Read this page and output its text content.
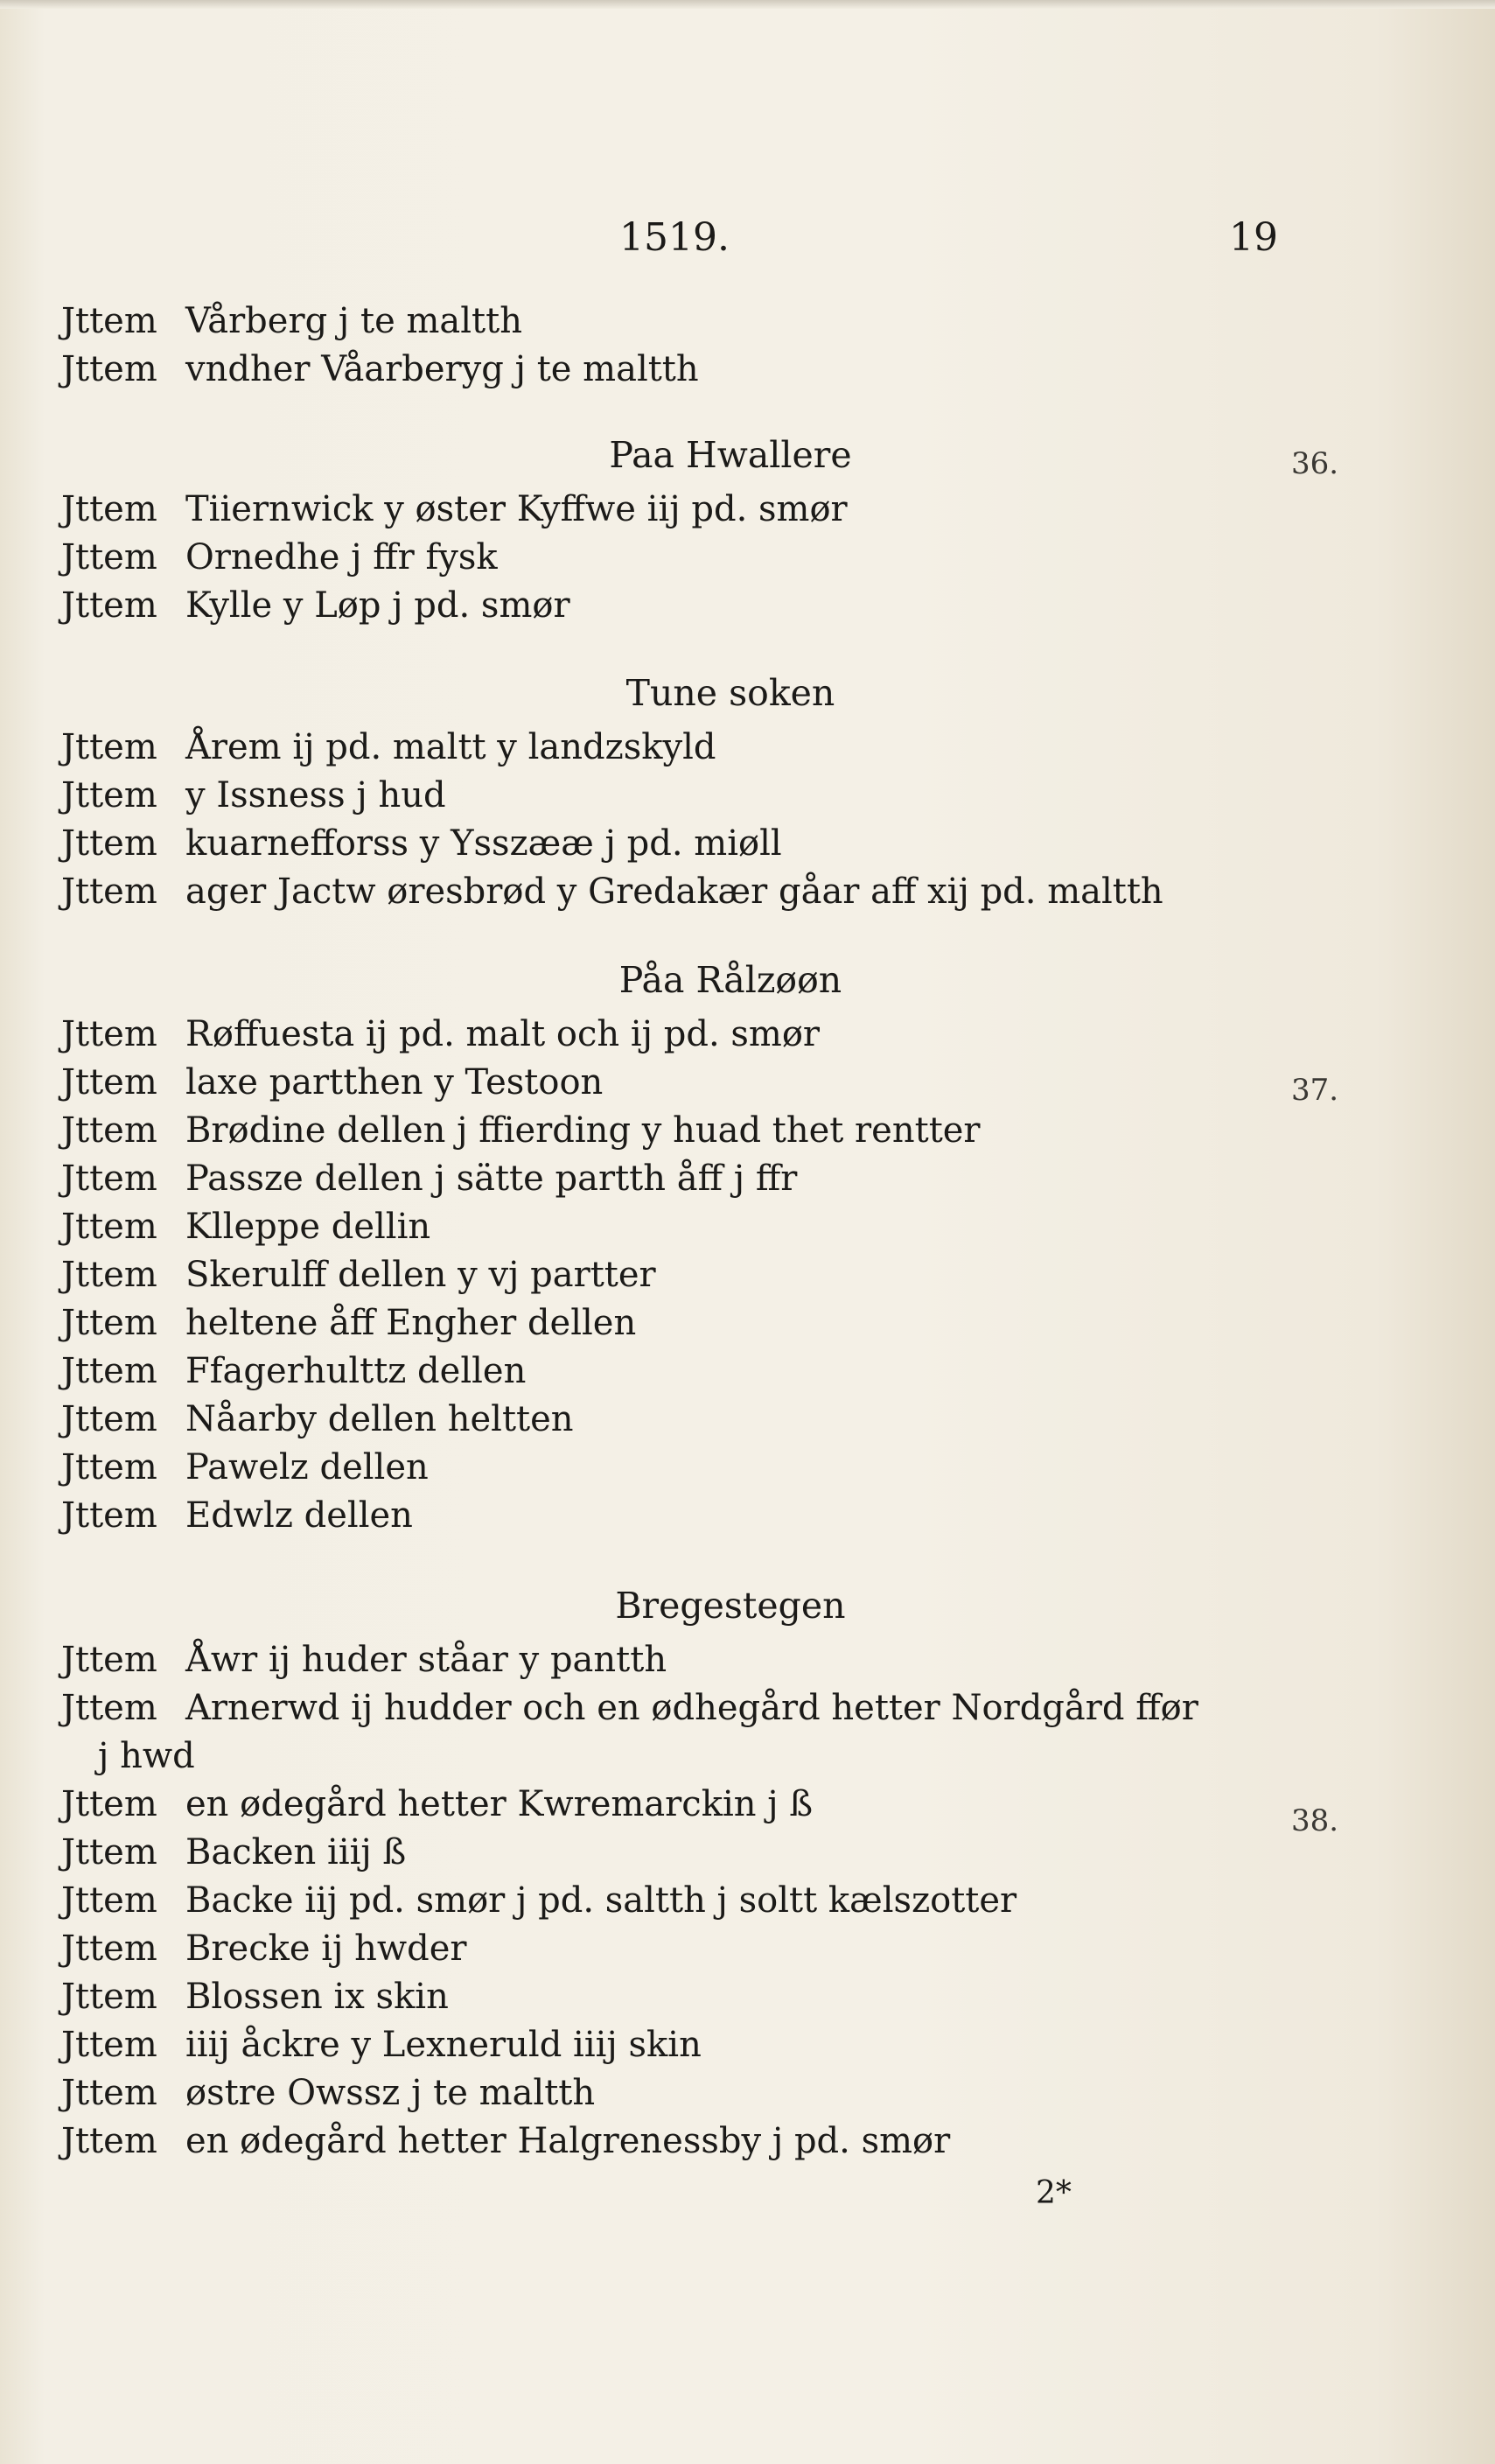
1519.	19
Jttem Vårberg j te maltth
Jttem vndher Våarberyg j te maltth
Paa Hwallere
Jttem Tiiernwick y øster Kyffwe iij pd. smør
Jttem Ornedhe j ffr fysk
Jttem Kylle y Løp j pd. smør
Tune soken
Jttem Årem ij pd. maltt y landzskyld
Jttem y Issness j hud
Jttem kuarnefforss y Ysszææ j pd. miøll
Jttem ager Jactw øresbrød y Gredakær gåar aff xij pd. maltth
Påa Rålzøøn
Jttem Røffuesta ij pd. malt och ij pd. smør
Jttem laxe partthen y Testoon
Jttem Brødine dellen j ffierding y huad thet rentter
Jttem Passze dellen j sätte partth åff j ffr
Jttem Klleppe dellin
Jttem Skerulff dellen y vj partter
Jttem heltene åff Engher dellen
Jttem Ffagerhulttz dellen
Jttem Nåarby dellen heltten
Jttem Pawelz dellen
Jttem Edwlz dellen
Bregestegen
Jttem Åwr ij huder ståar y pantth
Jttem Arnerwd ij hudder och en ødhegård hetter Nordgård ffør
j hwd
Jttem en ødegård hetter Kwremarckin j ß
Jttem Backen iiij ß
Jttem Backe iij pd. smør j pd. saltth j soltt kælszotter
Jttem Brecke ij hwder
Jttem Blossen ix skin
Jttem iiij åckre y Lexneruld iiij skin
Jttem østre Owssz j te maltth
Jttem en ødegård hetter Halgrenessby j pd. smør
36.
37.
38.
2*
